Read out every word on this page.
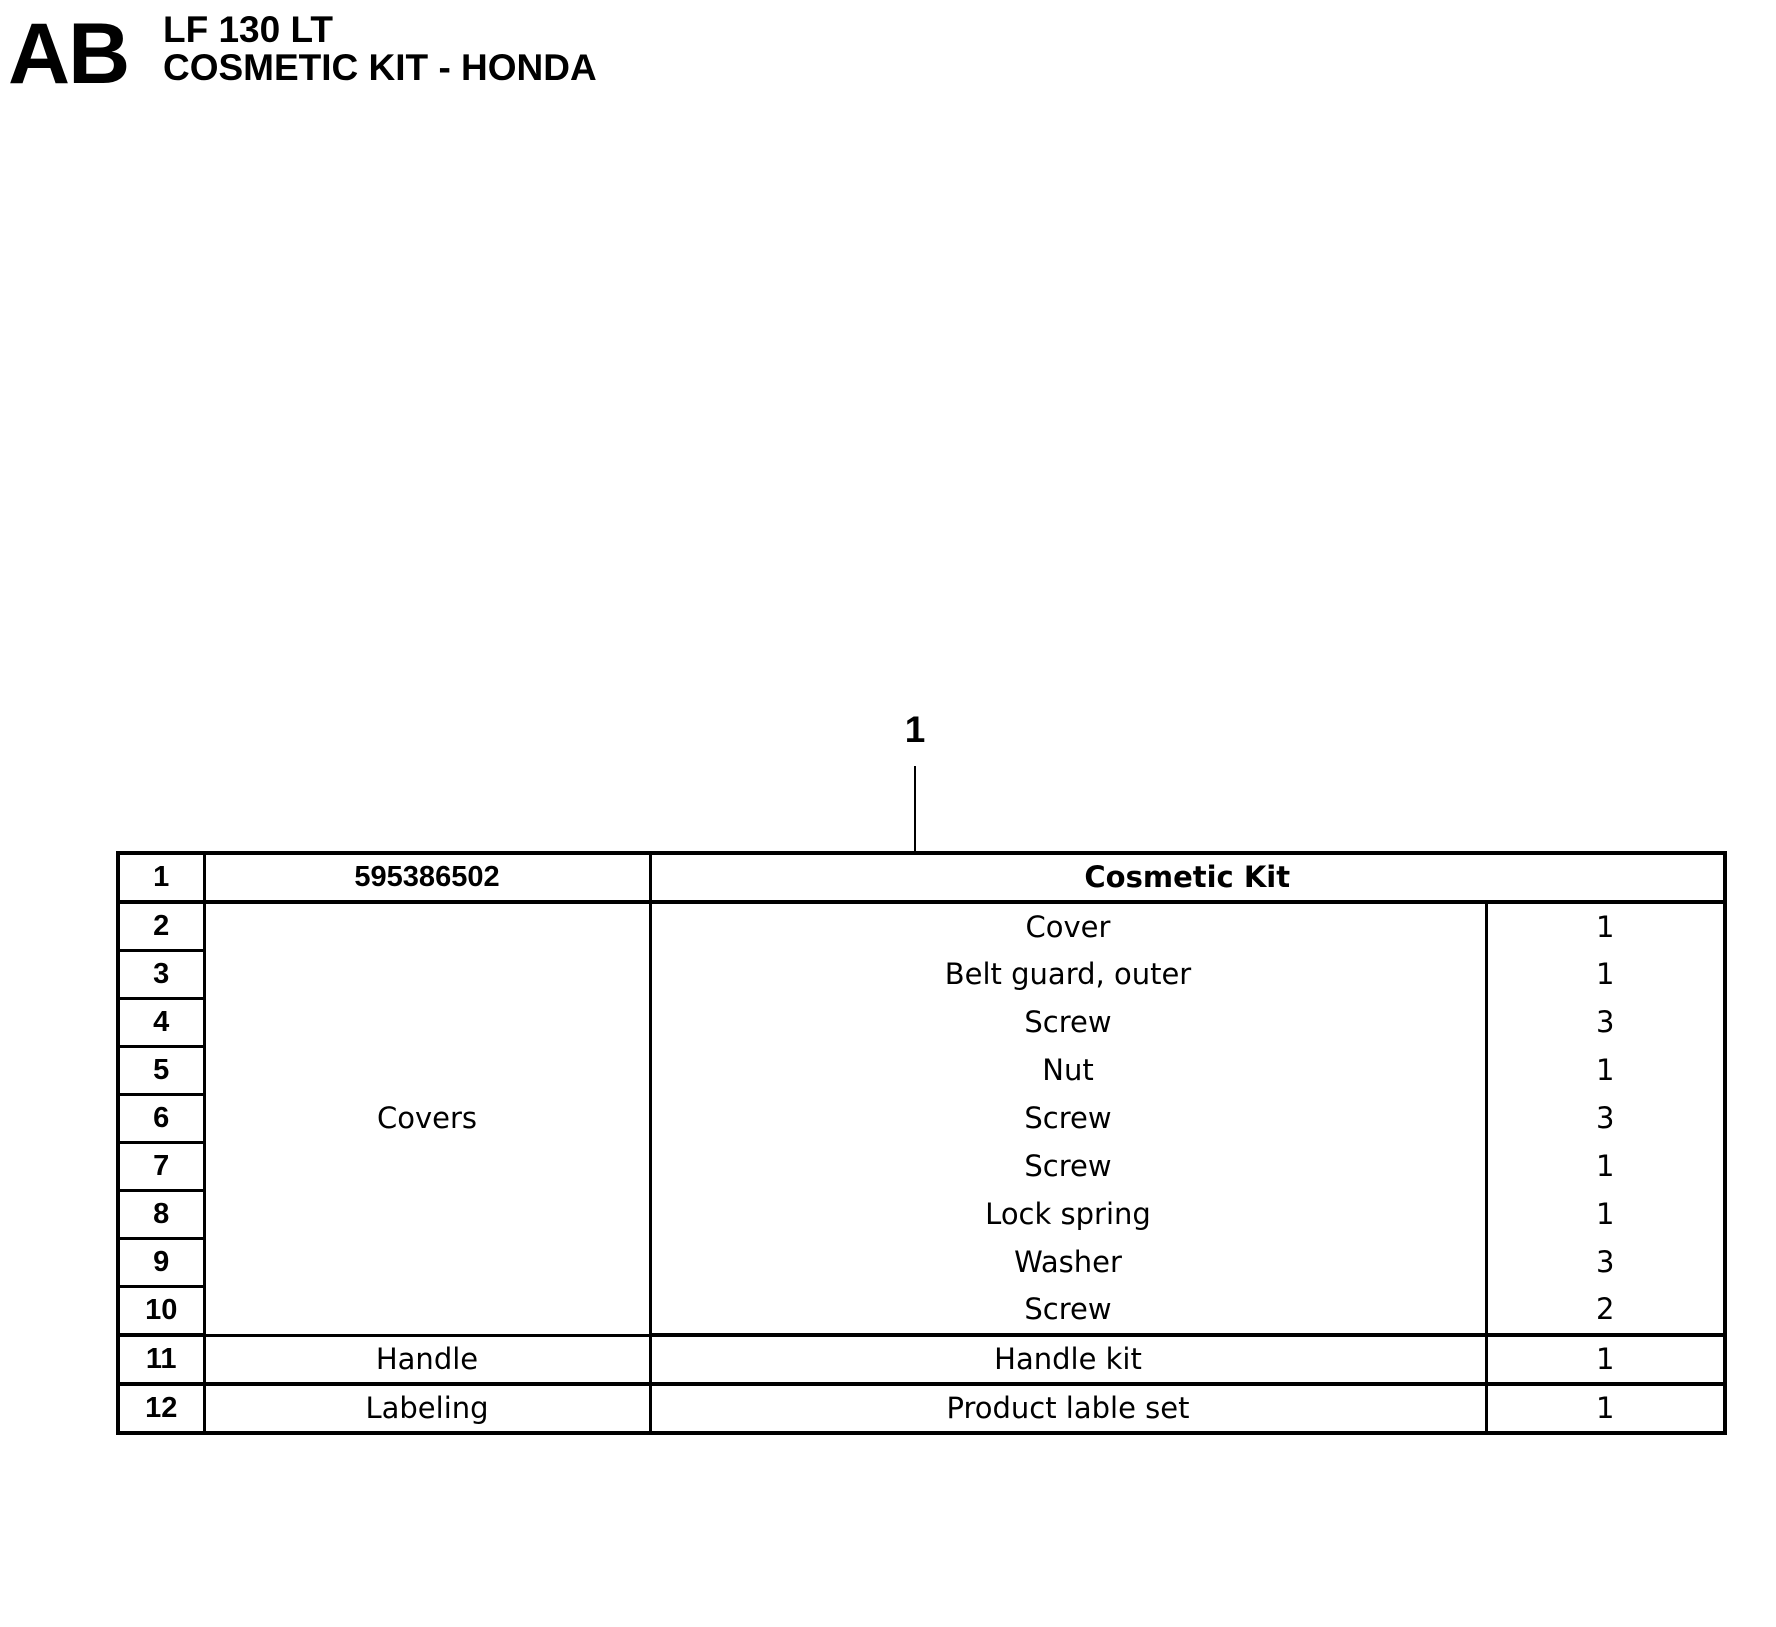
AB LF 130 LT
COSMETIC KIT - HONDA
1
1	595386502	Cosmetic Kit	
2	Covers	Cover	1
3		Belt guard, outer	1
4		Screw	3
5		Nut	1
6		Screw	3
7		Screw	1
8		Lock spring	1
9		Washer	3
10		Screw	2
11	Handle	Handle kit	1
12	Labeling	Product lable set	1
